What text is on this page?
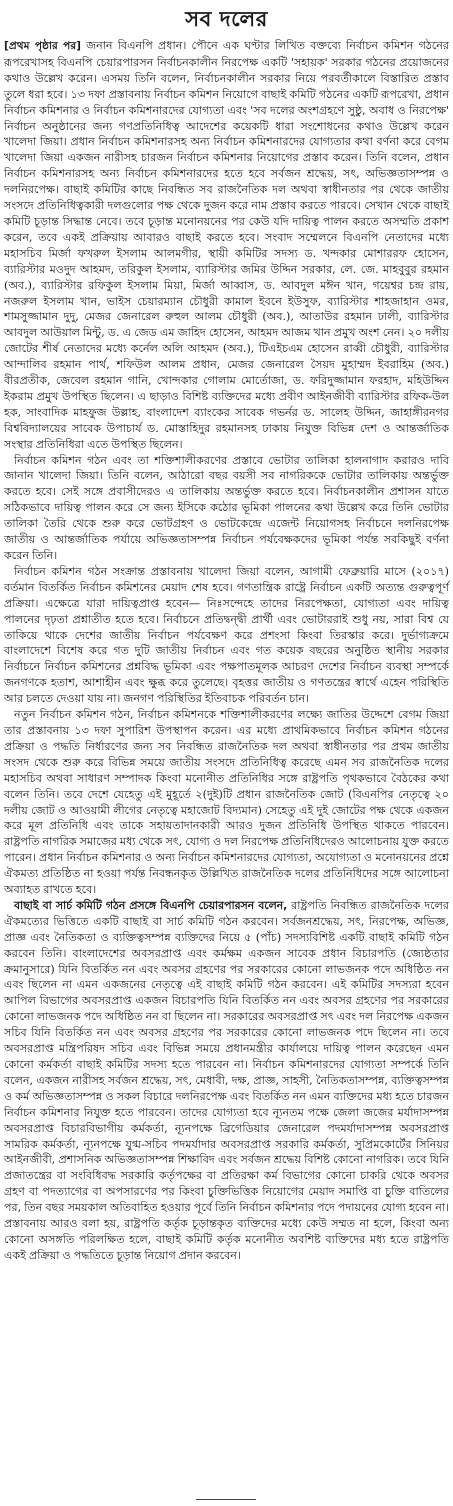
সব দলের

[প্রথম পৃষ্ঠার পর] জনান বিএনপি প্রধান। পৌনে এক ঘণ্টার লিখিত বক্তব্যে নির্বাচন কমিশন গঠনের রূপরেখাসহ বিএনপি চেয়ারপারসন নির্বাচনকালীন নিরপেক্ষ একটি 'সহায়ক' সরকার গঠনের প্রয়োজনের কথাও উল্লেখ করেন। এসময় তিনি বলেন, নির্বাচনকালীন সরকার নিয়ে পরবর্তীকালে বিস্তারিত প্রস্তাব তুলে ধরা হবে। ১৩ দফা প্রস্তাবনায় নির্বাচন কমিশন নিয়োগে বাছাই কমিটি গঠনের একটি রূপরেখা, প্রধান নির্বাচন কমিশনার ও নির্বাচন কমিশনারদের যোগ্যতা এবং 'সব দলের অংশগ্রহণে সুষ্ঠু, অবাধ ও নিরপেক্ষ' নির্বাচন অনুষ্ঠানের জন্য গণপ্রতিনিধিত্ব আদেশের কয়েকটি ধারা সংশোধনের কথাও উল্লেখ করেন খালেদা জিয়া। প্রধান নির্বাচন কমিশনারসহ অন্য নির্বাচন কমিশনারদের যোগ্যতার কথা বর্ণনা করে বেগম খালেদা জিয়া একজন নারীসহ চারজন নির্বাচন কমিশনার নিয়োগের প্রস্তাব করেন। তিনি বলেন, প্রধান নির্বাচন কমিশনারসহ অন্য নির্বাচন কমিশনারদের হতে হবে সর্বজন শ্রদ্ধেয়, সৎ, অভিজ্ঞতাসম্পন্ন ও দলনিরপেক্ষ। বাছাই কমিটির কাছে নিবন্ধিত সব রাজনৈতিক দল অথবা স্বাধীনতার পর থেকে জাতীয় সংসদে প্রতিনিধিত্বকারী দলগুলোর পক্ষ থেকে দুজন করে নাম প্রস্তাব করতে পারবে। সেখান থেকে বাছাই কমিটি চূড়ান্ত সিদ্ধান্ত নেবে। তবে চূড়ান্ত মনোনয়নের পর কেউ যদি দায়িত্ব পালন করতে অসম্মতি প্রকাশ করেন, তবে একই প্রক্রিয়ায় আবারও বাছাই করতে হবে। সংবাদ সম্মেলনে বিএনপি নেতাদের মধ্যে মহাসচিব মির্জা ফখরুল ইসলাম আলমগীর, স্থায়ী কমিটির সদস্য ড. খন্দকার মোশাররফ হোসেন, ব্যারিস্টার মওদুদ আহমদ, তরিকুল ইসলাম, ব্যারিস্টার জমির উদ্দিন সরকার, লে. জে. মাহবুবুর রহমান (অব.), ব্যারিস্টার রফিকুল ইসলাম মিয়া, মির্জা আব্বাস, ড. আবদুল মঈন খান, গয়েশ্বর চন্দ্র রায়, নজরুল ইসলাম খান, ভাইস চেয়ারম্যান চৌধুরী কামাল ইবনে ইউসুফ, ব্যারিস্টার শাহজাহান ওমর, শামসুজ্জামান দুদু, মেজর জেনারেল রুহুল আলম চৌধুরী (অব.), আতাউর রহমান ঢালী, ব্যারিস্টার আবদুল আউয়াল মিন্টু, ড. এ জেড এম জাহিদ হোসেন, আহমদ আজম খান প্রমুখ অংশ নেন। ২০ দলীয় জোটের শীর্ষ নেতাদের মধ্যে কর্নেল অলি আহমদ (অব.), টিএইচএম হোসেন রাব্বী চৌধুরী, ব্যারিস্টার আন্দালিব রহমান পার্থ, শফিউল আলম প্রধান, মেজর জেনারেল সৈয়দ মুহাম্মদ ইবরাহিম (অব.) বীরপ্রতীক, জেবেল রহমান গানি, খোন্দকার গোলাম মোর্তোজা, ড. ফরিদুজ্জামান ফরহাদ, মহিউদ্দিন ইকরাম প্রমুখ উপস্থিত ছিলেন। এ ছাড়াও বিশিষ্ট ব্যক্তিদের মধ্যে প্রবীণ আইনজীবী ব্যারিস্টার রফিক-উল হক, সাংবাদিক মাহফুজ উল্লাহ, বাংলাদেশ ব্যাংকের সাবেক গভর্নর ড. সালেহ উদ্দিন, জাহাঙ্গীরনগর বিশ্ববিদ্যালয়ের সাবেক উপাচার্য ড. মোস্তাহিদুর রহমানসহ ঢাকায় নিযুক্ত বিভিন্ন দেশ ও আন্তর্জাতিক সংস্থার প্রতিনিধিরা এতে উপস্থিত ছিলেন।

নির্বাচন কমিশন গঠন এবং তা শক্তিশালীকরণের প্রস্তাবে ভোটার তালিকা হালনাগাদ করারও দাবি জানান খালেদা জিয়া। তিনি বলেন, আঠারো বছর বয়সী সব নাগরিককে ভোটার তালিকায় অন্তর্ভুক্ত করতে হবে। সেই সঙ্গে প্রবাসীদেরও এ তালিকায় অন্তর্ভুক্ত করতে হবে। নির্বাচনকালীন প্রশাসন যাতে সঠিকভাবে দায়িত্ব পালন করে সে জন্য ইসিকে কঠোর ভূমিকা পালনের কথা উল্লেখ করে তিনি ভোটার তালিকা তৈরি থেকে শুরু করে ভোটগ্রহণ ও ভোটকেন্দ্রে এজেন্ট নিয়োগসহ নির্বাচনে দলনিরপেক্ষ জাতীয় ও আন্তর্জাতিক পর্যায়ে অভিজ্ঞতাসম্পন্ন নির্বাচন পর্যবেক্ষকদের ভূমিকা পর্যন্ত সবকিছুই বর্ণনা করেন তিনি।

নির্বাচন কমিশন গঠন সংক্রান্ত প্রস্তাবনায় খালেদা জিয়া বলেন, আগামী ফেব্রুয়ারি মাসে (২০১৭) বর্তমান বিতর্কিত নির্বাচন কমিশনের মেয়াদ শেষ হবে। গণতান্ত্রিক রাষ্ট্রে নির্বাচন একটি অত্যন্ত গুরুত্বপূর্ণ প্রক্রিয়া। এক্ষেত্রে যারা দায়িত্বপ্রাপ্ত হবেন— নিঃসন্দেহে তাদের নিরপেক্ষতা, যোগ্যতা এবং দায়িত্ব পালনের দৃঢ়তা প্রশ্নাতীত হতে হবে। নির্বাচনে প্রতিদ্বন্দ্বী প্রার্থী এবং ভোটাররাই শুধু নয়, সারা বিশ্ব যে তাকিয়ে থাকে দেশের জাতীয় নির্বাচন পর্যবেক্ষণ করে প্রশংসা কিংবা তিরস্কার করে। দুর্ভাগ্যক্রমে বাংলাদেশে বিশেষ করে গত দুটি জাতীয় নির্বাচন এবং গত কয়েক বছরের অনুষ্ঠিত স্থানীয় সরকার নির্বাচনে নির্বাচন কমিশনের প্রশ্নবিদ্ধ ভূমিকা এবং পক্ষপাতমূলক আচরণ দেশের নির্বাচন ব্যবস্থা সম্পর্কে জনগণকে হতাশ, আশাহীন এবং ক্ষুব্ধ করে তুলেছে। বৃহত্তর জাতীয় ও গণতন্ত্রের স্বার্থে এহেন পরিস্থিতি আর চলতে দেওয়া যায় না। জনগণ পরিস্থিতির ইতিবাচক পরিবর্তন চান।

নতুন নির্বাচন কমিশন গঠন, নির্বাচন কমিশনকে শক্তিশালীকরণের লক্ষ্যে জাতির উদ্দেশে বেগম জিয়া তার প্রস্তাবনায় ১৩ দফা সুপারিশ উপস্থাপন করেন। এর মধ্যে প্রাথমিকভাবে নির্বাচন কমিশন গঠনের প্রক্রিয়া ও পদ্ধতি নির্ধারণের জন্য সব নিবন্ধিত রাজনৈতিক দল অথবা স্বাধীনতার পর প্রথম জাতীয় সংসদ থেকে শুরু করে বিভিন্ন সময়ে জাতীয় সংসদে প্রতিনিধিত্ব করেছে এমন সব রাজনৈতিক দলের মহাসচিব অথবা সাধারণ সম্পাদক কিংবা মনোনীত প্রতিনিধির সঙ্গে রাষ্ট্রপতি পৃথকভাবে বৈঠকের কথা বলেন তিনি। তবে দেশে যেহেতু এই মুহূর্তে ২(দুই)টি প্রধান রাজনৈতিক জোট (বিএনপির নেতৃত্বে ২০ দলীয় জোট ও আওয়ামী লীগের নেতৃত্বে মহাজোট বিদ্যমান) সেহেতু এই দুই জোটের পক্ষ থেকে একজন করে মূল প্রতিনিধি এবং তাকে সহায়তাদানকারী আরও দুজন প্রতিনিধি উপস্থিত থাকতে পারবেন। রাষ্ট্রপতি নাগরিক সমাজের মধ্য থেকে সৎ, যোগ্য ও দল নিরপেক্ষ প্রতিনিধিদেরও আলোচনায় যুক্ত করতে পারেন। প্রধান নির্বাচন কমিশনার ও অন্য নির্বাচন কমিশনারদের যোগ্যতা, অযোগ্যতা ও মনোনয়নের প্রশ্নে ঐকমত্য প্রতিষ্ঠিত না হওয়া পর্যন্ত নিবন্ধনকৃত উল্লিখিত রাজনৈতিক দলের প্রতিনিধিদের সঙ্গে আলোচনা অব্যাহত রাখতে হবে।

বাছাই বা সার্চ কমিটি গঠন প্রসঙ্গে বিএনপি চেয়ারপারসন বলেন, রাষ্ট্রপতি নিবন্ধিত রাজনৈতিক দলের ঐকমত্যের ভিত্তিতে একটি বাছাই বা সার্চ কমিটি গঠন করবেন। সর্বজনশ্রদ্ধেয়, সৎ, নিরপেক্ষ, অভিজ্ঞ, প্রাজ্ঞ এবং নৈতিকতা ও ব্যক্তিত্বসম্পন্ন ব্যক্তিদের নিয়ে ৫ (পাঁচ) সদস্যবিশিষ্ট একটি বাছাই কমিটি গঠন করবেন তিনি। বাংলাদেশের অবসরপ্রাপ্ত এবং কর্মক্ষম একজন সাবেক প্রধান বিচারপতি (জ্যেষ্ঠতার ক্রমানুসারে) যিনি বিতর্কিত নন এবং অবসর গ্রহণের পর সরকারের কোনো লাভজনক পদে অধিষ্ঠিত নন এবং ছিলেন না এমন একজনের নেতৃত্বে এই বাছাই কমিটি গঠন করবেন। এই কমিটির সদস্যরা হবেন আপিল বিভাগের অবসরপ্রাপ্ত একজন বিচারপতি যিনি বিতর্কিত নন এবং অবসর গ্রহণের পর সরকারের কোনো লাভজনক পদে অধিষ্ঠিত নন বা ছিলেন না। সরকারের অবসরপ্রাপ্ত সৎ এবং দল নিরপেক্ষ একজন সচিব যিনি বিতর্কিত নন এবং অবসর গ্রহণের পর সরকারের কোনো লাভজনক পদে ছিলেন না। তবে অবসরপ্রাপ্ত মন্ত্রিপরিষদ সচিব এবং বিভিন্ন সময়ে প্রধানমন্ত্রীর কার্যালয়ে দায়িত্ব পালন করেছেন এমন কোনো কর্মকর্তা বাছাই কমিটির সদস্য হতে পারবেন না। নির্বাচন কমিশনারদের যোগ্যতা সম্পর্কে তিনি বলেন, একজন নারীসহ সর্বজন শ্রদ্ধেয়, সৎ, মেধাবী, দক্ষ, প্রাজ্ঞ, সাহসী, নৈতিকতাসম্পন্ন, ব্যক্তিত্বসম্পন্ন ও কর্ম অভিজ্ঞতাসম্পন্ন ও সকল বিচারে দলনিরপেক্ষ এবং বিতর্কিত নন এমন ব্যক্তিদের মধ্য হতে চারজন নির্বাচন কমিশনার নিযুক্ত হতে পারবেন। তাদের যোগ্যতা হবে ন্যূনতম পক্ষে জেলা জজের মর্যাদাসম্পন্ন অবসরপ্রাপ্ত বিচারবিভাগীয় কর্মকর্তা, ন্যূনপক্ষে ব্রিগেডিয়ার জেনারেল পদমর্যাদাসম্পন্ন অবসরপ্রাপ্ত সামরিক কর্মকর্তা, ন্যূনপক্ষে যুগ্ম-সচিব পদমর্যাদার অবসরপ্রাপ্ত সরকারি কর্মকর্তা, সুপ্রিমকোর্টের সিনিয়র আইনজীবী, প্রশাসনিক অভিজ্ঞতাসম্পন্ন শিক্ষাবিদ এবং সর্বজন শ্রদ্ধেয় বিশিষ্ট কোনো নাগরিক। তবে যিনি প্রজাতন্ত্রের বা সংবিধিবদ্ধ সরকারি কর্তৃপক্ষের বা প্রতিরক্ষা কর্ম বিভাগের কোনো চাকরি থেকে অবসর গ্রহণ বা পদত্যাগের বা অপসারণের পর কিংবা চুক্তিভিত্তিক নিয়োগের মেয়াদ সমাপ্তি বা চুক্তি বাতিলের পর, তিন বছর সময়কাল অতিবাহিত হওয়ার পূর্বে তিনি নির্বাচন কমিশনার পদে পদায়নের যোগ্য হবেন না। প্রস্তাবনায় আরও বলা হয়, রাষ্ট্রপতি কর্তৃক চূড়ান্তকৃত ব্যক্তিদের মধ্যে কেউ সম্মত না হলে, কিংবা অন্য কোনো অসঙ্গতি পরিলক্ষিত হলে, বাছাই কমিটি কর্তৃক মনোনীত অবশিষ্ট ব্যক্তিদের মধ্য হতে রাষ্ট্রপতি একই প্রক্রিয়া ও পদ্ধতিতে চূড়ান্ত নিয়োগ প্রদান করবেন।
